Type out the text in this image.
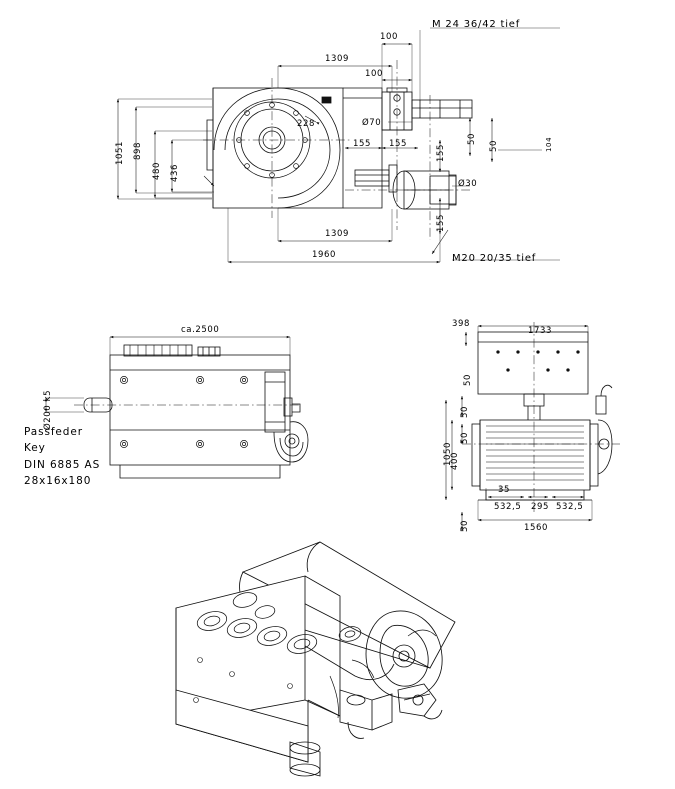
M 24 36/42 tief
M20 20/35 tief
1309
100
100
1051 898
480 436
228	Ø70
Ø30
155 155	155
155
50
50	104
1309
1960
ca.2500
Ø200 k5
Passfeder
Key
DIN 6885 AS
28x16x180
398
1733
1050
400
50
50
50
50
35
532,5 295 532,5
1560
